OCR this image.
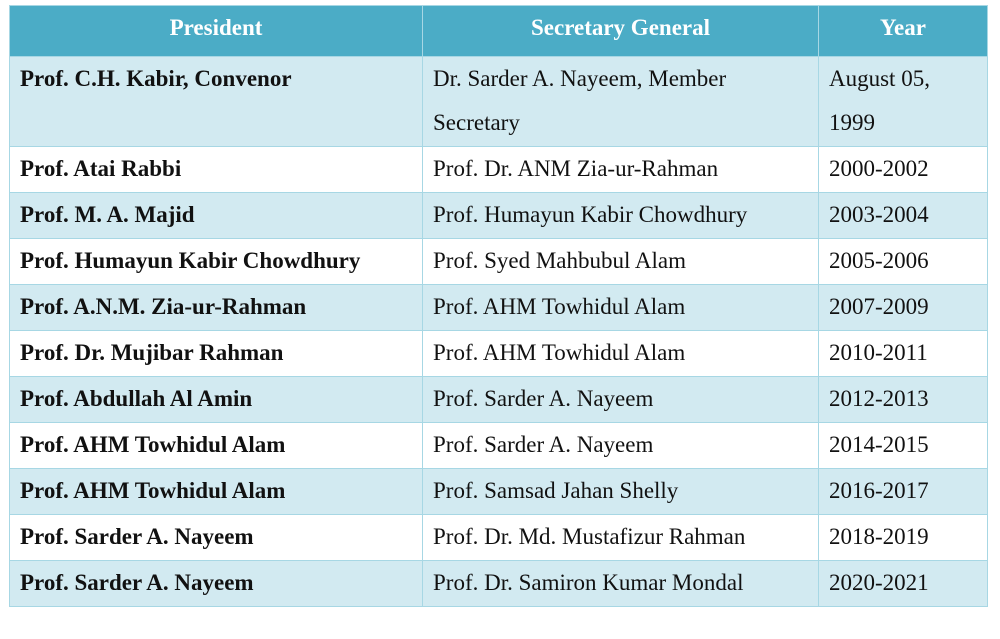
President	Secretary General	Year
Prof. C.H. Kabir, Convenor	Dr. Sarder A. Nayeem, Member Secretary	August 05, 1999
Prof. Atai Rabbi	Prof. Dr. ANM Zia-ur-Rahman	2000-2002
Prof. M. A. Majid	Prof. Humayun Kabir Chowdhury	2003-2004
Prof. Humayun Kabir Chowdhury	Prof. Syed Mahbubul Alam	2005-2006
Prof. A.N.M. Zia-ur-Rahman	Prof. AHM Towhidul Alam	2007-2009
Prof. Dr. Mujibar Rahman	Prof. AHM Towhidul Alam	2010-2011
Prof. Abdullah Al Amin	Prof. Sarder A. Nayeem	2012-2013
Prof. AHM Towhidul Alam	Prof. Sarder A. Nayeem	2014-2015
Prof. AHM Towhidul Alam	Prof. Samsad Jahan Shelly	2016-2017
Prof. Sarder A. Nayeem	Prof. Dr. Md. Mustafizur Rahman	2018-2019
Prof. Sarder A. Nayeem	Prof. Dr. Samiron Kumar Mondal	2020-2021
